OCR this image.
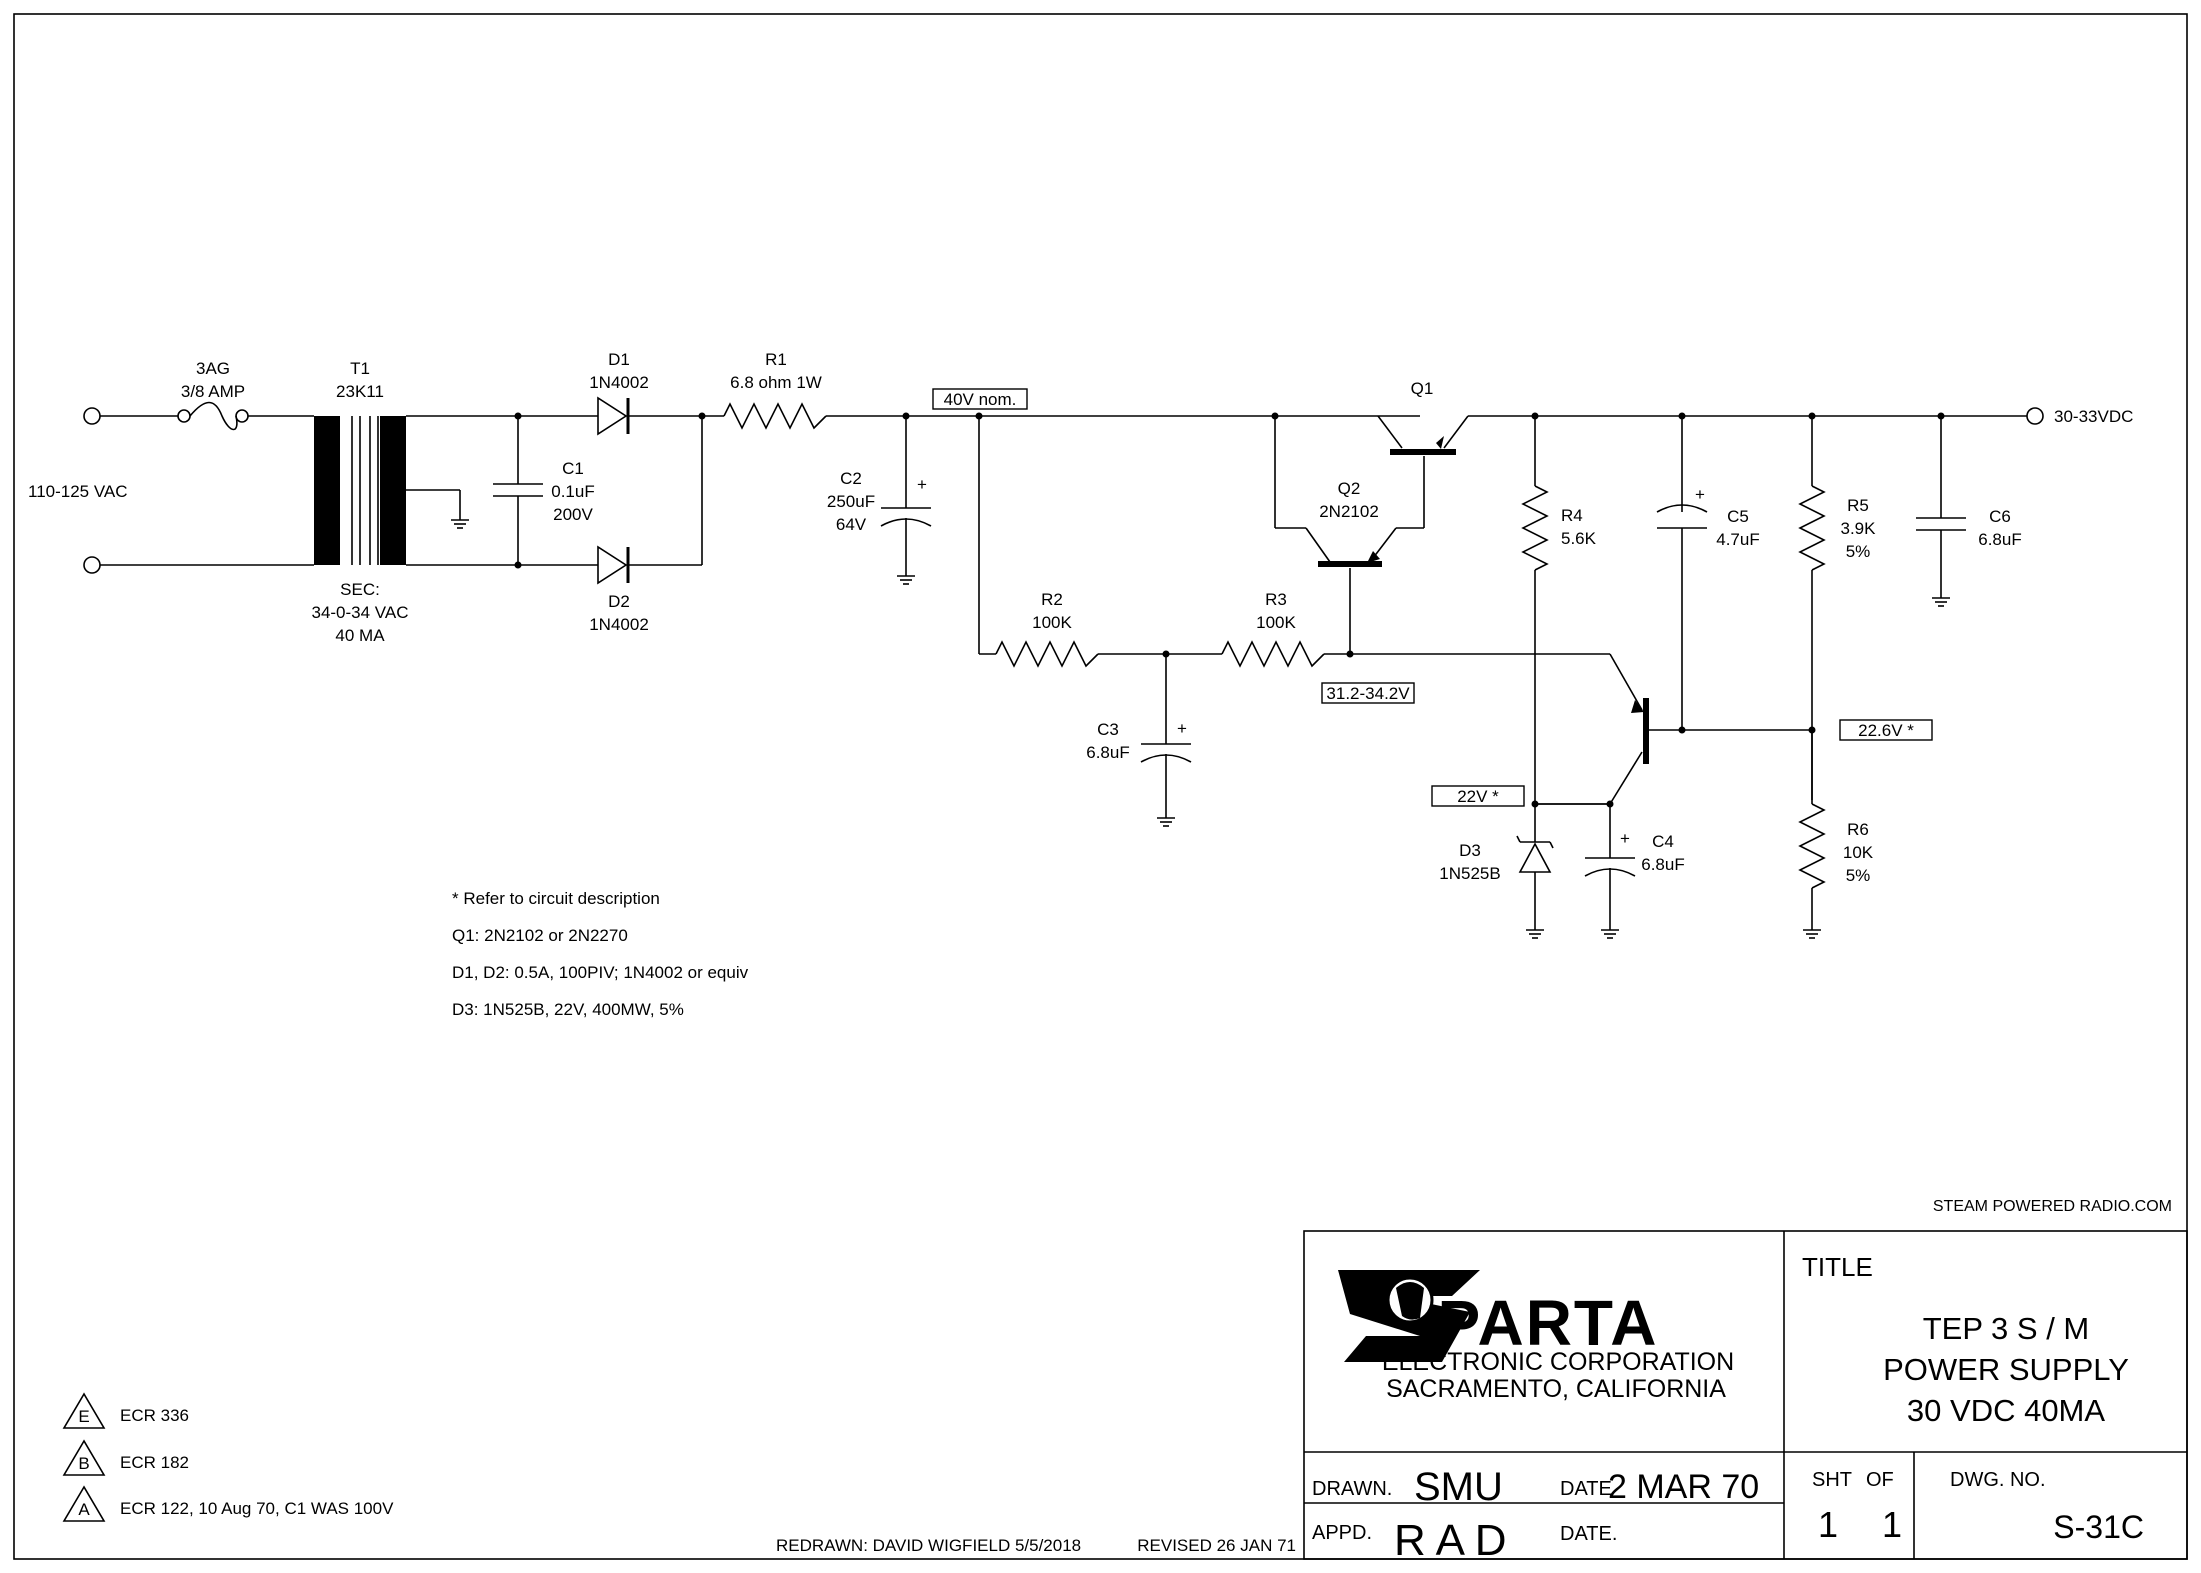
110-125 VAC
3AG
3/8 AMP
T1
23K11
SEC:
34-0-34 VAC
40 MA
C1
0.1uF
200V
D1
1N4002
D2
1N4002
R1
6.8 ohm 1W
40V nom.
+
C2
250uF
64V
R2
100K
+
C3
6.8uF
R3
100K
31.2-34.2V
Q2
2N2102
Q1
30-33VDC
R4
5.6K
+
C5
4.7uF
R5
3.9K
5%
C6
6.8uF
22.6V *
22V *
D3
1N525B
+ C4
6.8uF
R6
10K
5%
* Refer to circuit description
Q1: 2N2102 or 2N2270
D1, D2: 0.5A, 100PIV; 1N4002 or equiv
D3: 1N525B, 22V, 400MW, 5%
E ECR 336
B ECR 182
A ECR 122, 10 Aug 70, C1 WAS 100V
STEAM POWERED RADIO.COM
REDRAWN: DAVID WIGFIELD 5/5/2018	REVISED 26 JAN 71
PARTA
ELECTRONIC CORPORATION
SACRAMENTO, CALIFORNIA
TITLE
TEP 3 S / M
POWER SUPPLY
30 VDC 40MA
DRAWN. SMU	DATE
2 MAR 70
APPD. R A D	DATE.
SHT OF
1 1
DWG. NO.
S-31C
